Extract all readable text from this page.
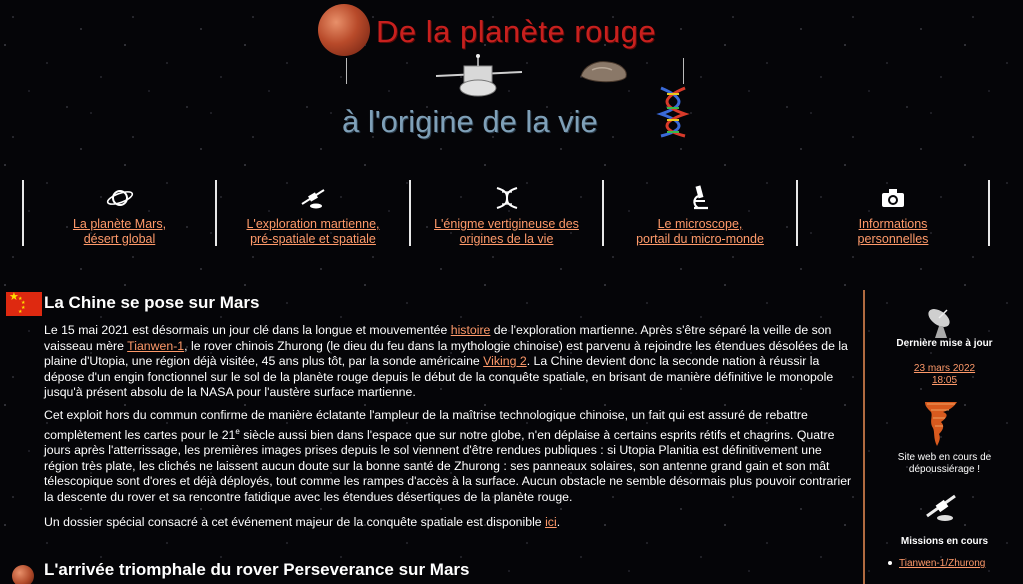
De la planète rouge
à l'origine de la vie
La planète Mars,
désert global
L'exploration martienne,
pré-spatiale et spatiale
L'énigme vertigineuse des
origines de la vie
Le microscope,
portail du micro-monde
Informations
personnelles
★ ★
★
★
★ La Chine se pose sur Mars

Le 15 mai 2021 est désormais un jour clé dans la longue et mouvementée histoire de l'exploration martienne. Après s'être séparé la veille de son vaisseau mère Tianwen-1, le rover chinois Zhurong (le dieu du feu dans la mythologie chinoise) est parvenu à rejoindre les étendues désolées de la plaine d'Utopia, une région déjà visitée, 45 ans plus tôt, par la sonde américaine Viking 2. La Chine devient donc la seconde nation à réussir la dépose d'un engin fonctionnel sur le sol de la planète rouge depuis le début de la conquête spatiale, en brisant de manière définitive le monopole jusqu'à présent absolu de la NASA pour l'austère surface martienne.

Cet exploit hors du commun confirme de manière éclatante l'ampleur de la maîtrise technologique chinoise, un fait qui est assuré de rebattre complètement les cartes pour le 21e siècle aussi bien dans l'espace que sur notre globe, n'en déplaise à certains esprits rétifs et chagrins. Quatre jours après l'atterrissage, les premières images prises depuis le sol viennent d'être rendues publiques : si Utopia Planitia est définitivement une région très plate, les clichés ne laissent aucun doute sur la bonne santé de Zhurong : ses panneaux solaires, son antenne grand gain et son mât télescopique sont d'ores et déjà déployés, tout comme les rampes d'accès à la surface. Aucun obstacle ne semble désormais plus pouvoir contrarier la descente du rover et sa rencontre fatidique avec les étendues désertiques de la planète rouge.

Un dossier spécial consacré à cet événement majeur de la conquête spatiale est disponible ici.

L'arrivée triomphale du rover Perseverance sur Mars
Dernière mise à jour
23 mars 2022
18:05
Site web en cours de
dépoussiérage !
Missions en cours
Tianwen-1/Zhurong
